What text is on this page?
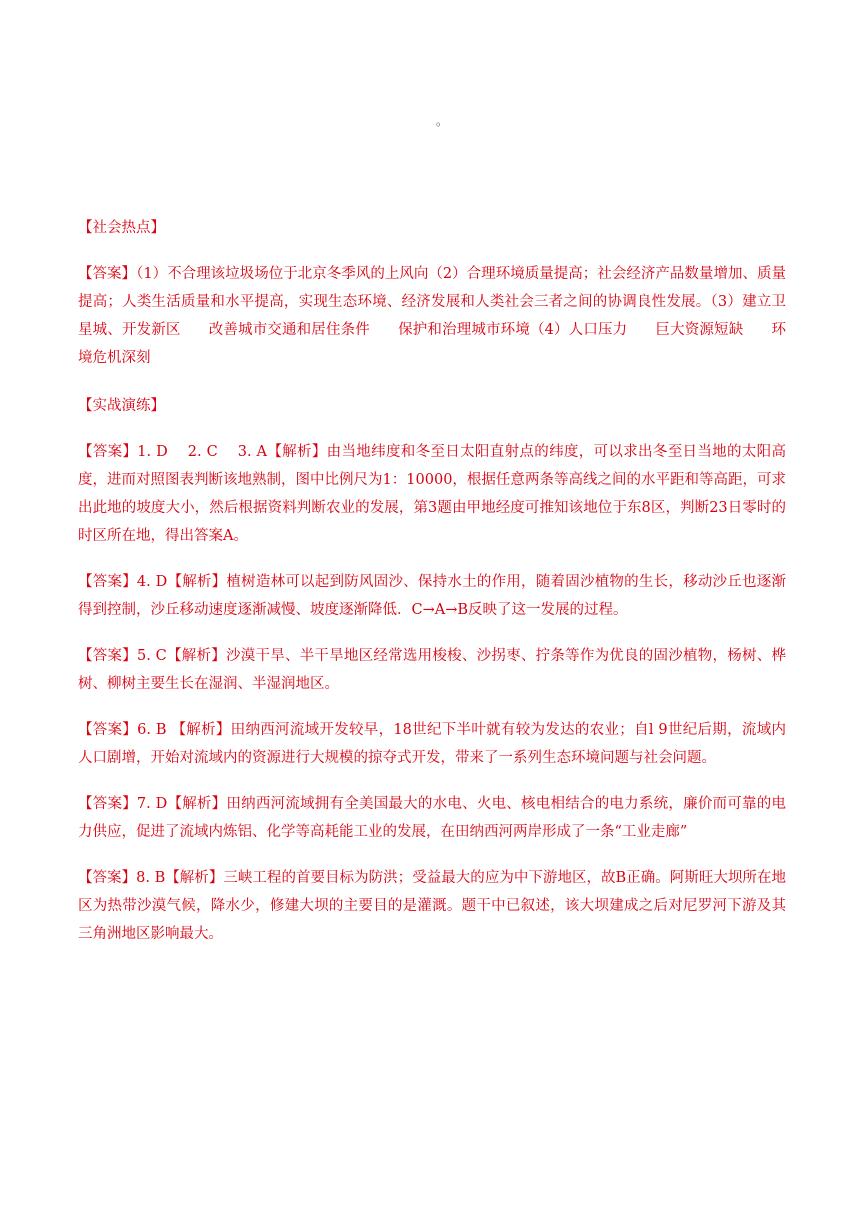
。
【社会热点】
【答案】（1）不合理该垃圾场位于北京冬季风的上风向（2）合理环境质量提高；社会经济产品数量增加、质量提高；人类生活质量和水平提高，实现生态环境、经济发展和人类社会三者之间的协调良性发展。（3）建立卫星城、开发新区 改善城市交通和居住条件 保护和治理城市环境（4）人口压力 巨大资源短缺 环境危机深刻
【实战演练】
【答案】1. D　 2. C　 3. A【解析】由当地纬度和冬至日太阳直射点的纬度，可以求出冬至日当地的太阳高度，进而对照图表判断该地熟制，图中比例尺为1：10000，根据任意两条等高线之间的水平距和等高距，可求出此地的坡度大小，然后根据资料判断农业的发展，第3题由甲地经度可推知该地位于东8区，判断23日零时的时区所在地，得出答案A。
【答案】4. D【解析】植树造林可以起到防风固沙、保持水土的作用，随着固沙植物的生长，移动沙丘也逐渐得到控制，沙丘移动速度逐渐减慢、坡度逐渐降低．C→A→B反映了这一发展的过程。
【答案】5. C【解析】沙漠干旱、半干旱地区经常选用梭梭、沙拐枣、拧条等作为优良的固沙植物，杨树、桦树、柳树主要生长在湿润、半湿润地区。
【答案】6. B 【解析】田纳西河流域开发较早，18世纪下半叶就有较为发达的农业；自l 9世纪后期，流域内人口剧增，开始对流域内的资源进行大规模的掠夺式开发，带来了一系列生态环境问题与社会问题。
【答案】7. D【解析】田纳西河流域拥有全美国最大的水电、火电、核电相结合的电力系统，廉价而可靠的电力供应，促进了流域内炼铝、化学等高耗能工业的发展，在田纳西河两岸形成了一条“工业走廊”
【答案】8. B【解析】三峡工程的首要目标为防洪；受益最大的应为中下游地区，故B正确。阿斯旺大坝所在地区为热带沙漠气候，降水少，修建大坝的主要目的是灌溉。题干中已叙述，该大坝建成之后对尼罗河下游及其三角洲地区影响最大。
